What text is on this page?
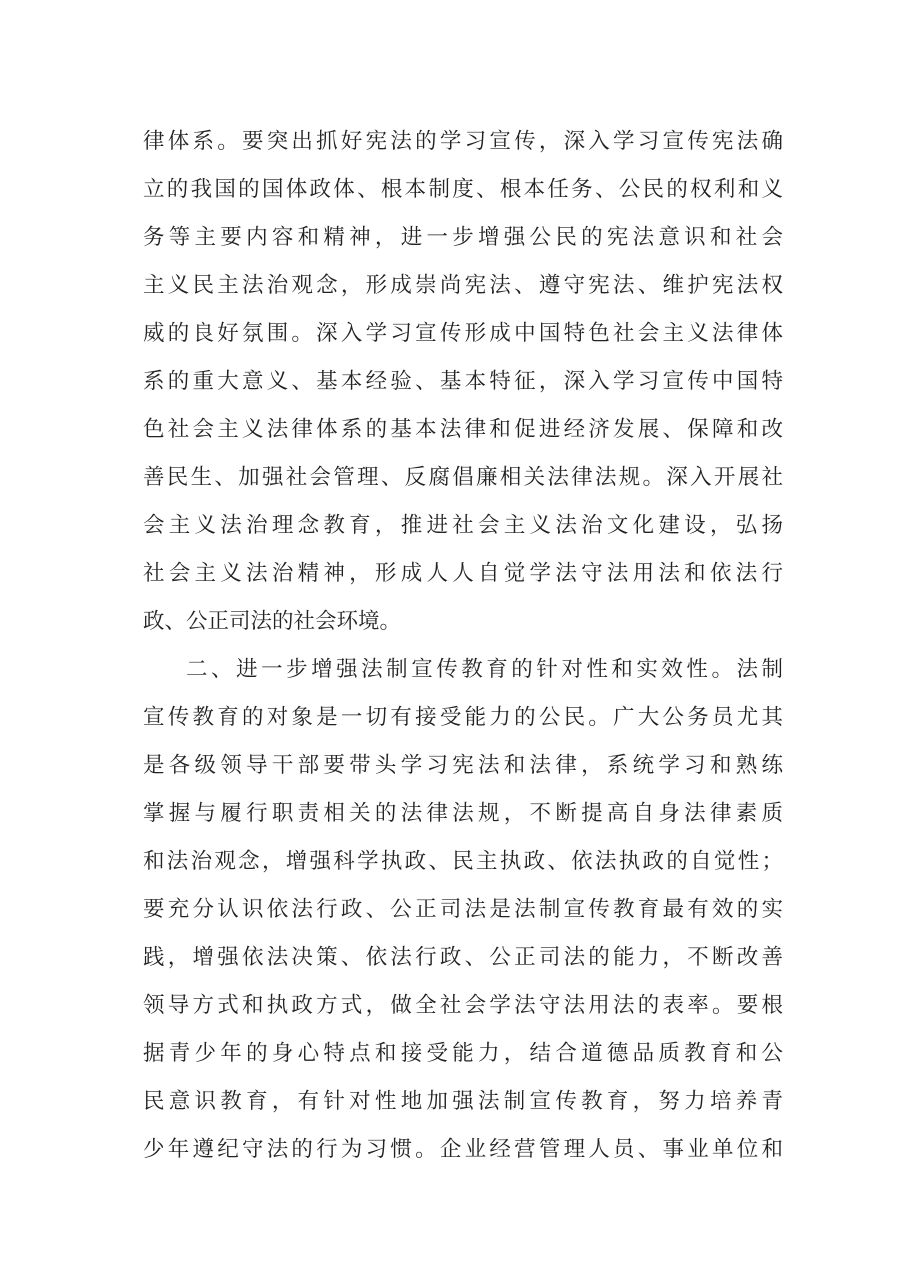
律体系。要突出抓好宪法的学习宣传，深入学习宣传宪法确
立的我国的国体政体、根本制度、根本任务、公民的权利和义
务等主要内容和精神，进一步增强公民的宪法意识和社会
主义民主法治观念，形成崇尚宪法、遵守宪法、维护宪法权
威的良好氛围。深入学习宣传形成中国特色社会主义法律体
系的重大意义、基本经验、基本特征，深入学习宣传中国特
色社会主义法律体系的基本法律和促进经济发展、保障和改
善民生、加强社会管理、反腐倡廉相关法律法规。深入开展社
会主义法治理念教育，推进社会主义法治文化建设，弘扬
社会主义法治精神，形成人人自觉学法守法用法和依法行
政、公正司法的社会环境。
二、进一步增强法制宣传教育的针对性和实效性。法制
宣传教育的对象是一切有接受能力的公民。广大公务员尤其
是各级领导干部要带头学习宪法和法律，系统学习和熟练
掌握与履行职责相关的法律法规，不断提高自身法律素质
和法治观念，增强科学执政、民主执政、依法执政的自觉性；
要充分认识依法行政、公正司法是法制宣传教育最有效的实
践，增强依法决策、依法行政、公正司法的能力，不断改善
领导方式和执政方式，做全社会学法守法用法的表率。要根
据青少年的身心特点和接受能力，结合道德品质教育和公
民意识教育，有针对性地加强法制宣传教育，努力培养青
少年遵纪守法的行为习惯。企业经营管理人员、事业单位和
